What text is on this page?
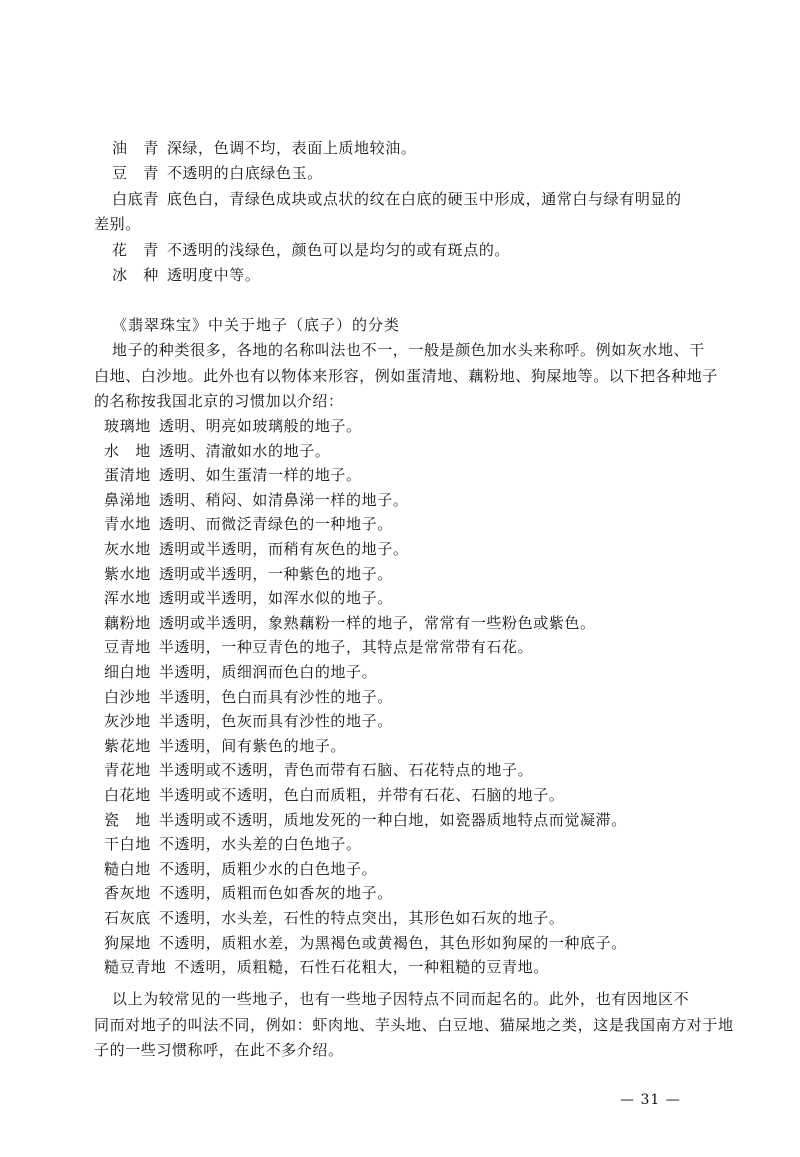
油　青 深绿，色调不均，表面上质地较油。
豆　青 不透明的白底绿色玉。
白底青 底色白，青绿色成块或点状的纹在白底的硬玉中形成，通常白与绿有明显的
差别。
花　青 不透明的浅绿色，颜色可以是均匀的或有斑点的。
冰　种 透明度中等。
《翡翠珠宝》中关于地子（底子）的分类
地子的种类很多，各地的名称叫法也不一，一般是颜色加水头来称呼。例如灰水地、干
白地、白沙地。此外也有以物体来形容，例如蛋清地、藕粉地、狗屎地等。以下把各种地子
的名称按我国北京的习惯加以介绍：
玻璃地 透明、明亮如玻璃般的地子。
水　地 透明、清澈如水的地子。
蛋清地 透明、如生蛋清一样的地子。
鼻涕地 透明、稍闷、如清鼻涕一样的地子。
青水地 透明、而微泛青绿色的一种地子。
灰水地 透明或半透明，而稍有灰色的地子。
紫水地 透明或半透明，一种紫色的地子。
浑水地 透明或半透明，如浑水似的地子。
藕粉地 透明或半透明，象熟藕粉一样的地子，常常有一些粉色或紫色。
豆青地 半透明，一种豆青色的地子，其特点是常常带有石花。
细白地 半透明，质细润而色白的地子。
白沙地 半透明，色白而具有沙性的地子。
灰沙地 半透明，色灰而具有沙性的地子。
紫花地 半透明，间有紫色的地子。
青花地 半透明或不透明，青色而带有石脑、石花特点的地子。
白花地 半透明或不透明，色白而质粗，并带有石花、石脑的地子。
瓷　地 半透明或不透明，质地发死的一种白地，如瓷器质地特点而觉凝滞。
干白地 不透明，水头差的白色地子。
糙白地 不透明，质粗少水的白色地子。
香灰地 不透明，质粗而色如香灰的地子。
石灰底 不透明，水头差，石性的特点突出，其形色如石灰的地子。
狗屎地 不透明，质粗水差，为黑褐色或黄褐色，其色形如狗屎的一种底子。
糙豆青地 不透明，质粗糙，石性石花粗大，一种粗糙的豆青地。
以上为较常见的一些地子，也有一些地子因特点不同而起名的。此外，也有因地区不
同而对地子的叫法不同，例如：虾肉地、芋头地、白豆地、猫屎地之类，这是我国南方对于地
子的一些习惯称呼，在此不多介绍。
— 31 —
